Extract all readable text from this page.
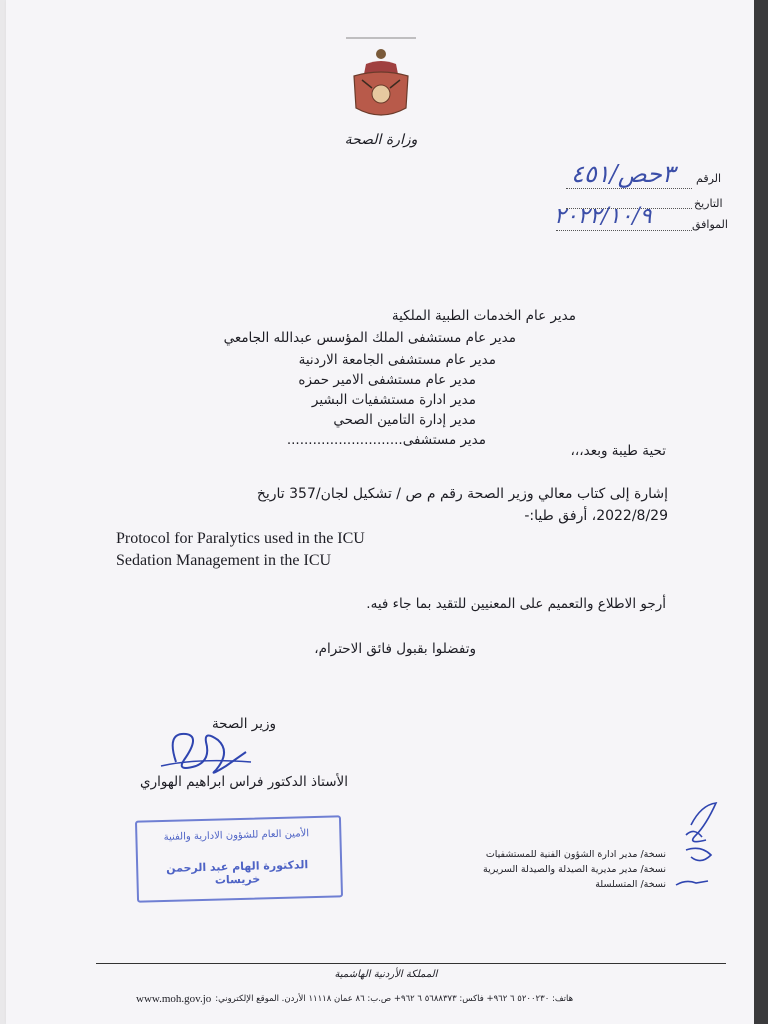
وزارة الصحة
الرقم
٣حص/٤٥١
التاريخ
الموافق
٢٠٢٢/١٠/٩
مدير عام الخدمات الطبية الملكية
مدير عام مستشفى الملك المؤسس عبدالله الجامعي
مدير عام مستشفى الجامعة الاردنية
مدير عام مستشفى الامير حمزه
مدير ادارة مستشفيات البشير
مدير إدارة التامين الصحي
مدير مستشفى...........................
تحية طيبة وبعد،،،
إشارة إلى كتاب معالي وزير الصحة رقم م ص / تشكيل لجان/357 تاريخ
2022/8/29، أرفق طيا:-
Protocol for Paralytics used in the ICU
Sedation Management in the ICU
أرجو الاطلاع والتعميم على المعنيين للتقيد بما جاء فيه.
وتفضلوا بقبول فائق الاحترام،
وزير الصحة
الأستاذ الدكتور فراس ابراهيم الهواري
الأمين العام للشؤون الادارية والفنية
الدكتورة الهام عبد الرحمن خريسات
نسخة/ مدير ادارة الشؤون الفنية للمستشفيات
نسخة/ مدير مديرية الصيدلة والصيدلة السريرية
نسخة/ المتسلسلة
المملكة الأردنية الهاشمية
www.moh.gov.jo هاتف: ٥٢٠٠٢٣٠ ٦ ٩٦٢+ فاكس: ٥٦٨٨٣٧٣ ٦ ٩٦٢+ ص.ب: ٨٦ عمان ١١١١٨ الأردن. الموقع الإلكتروني:
